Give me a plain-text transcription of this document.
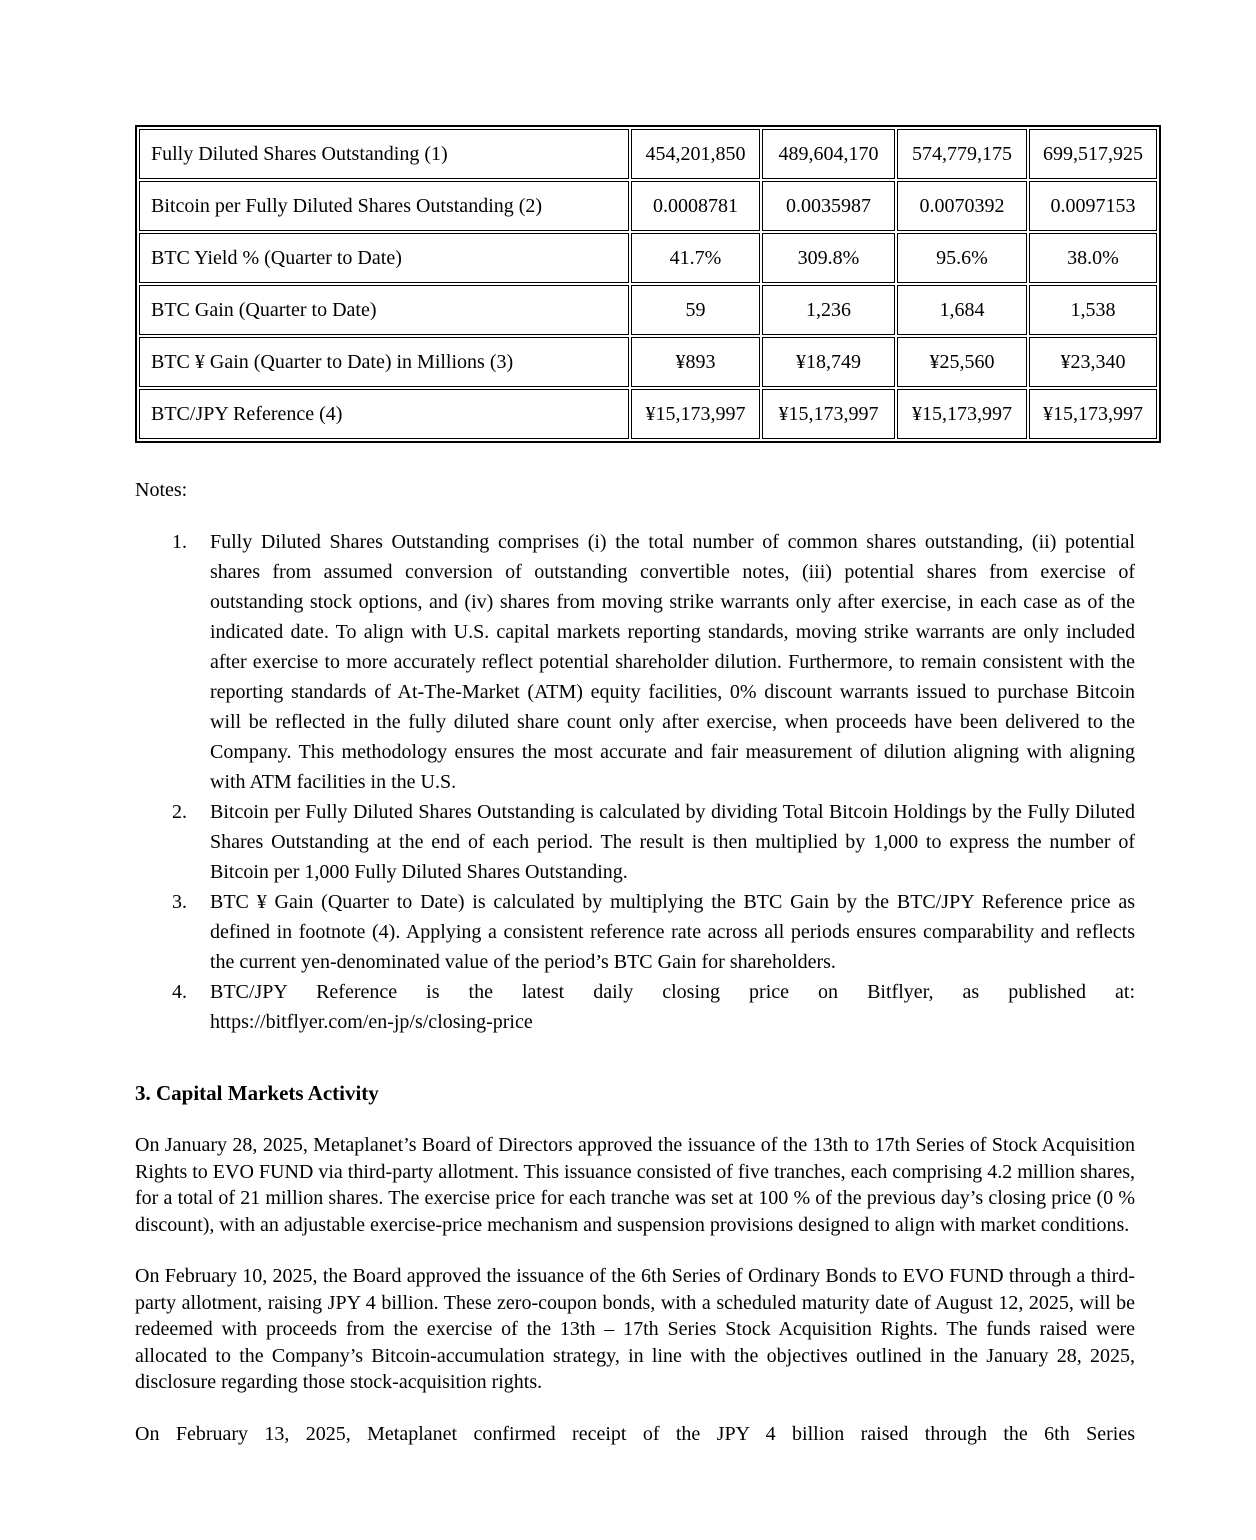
Fully Diluted Shares Outstanding (1)	454,201,850	489,604,170	574,779,175	699,517,925
Bitcoin per Fully Diluted Shares Outstanding (2)	0.0008781	0.0035987	0.0070392	0.0097153
BTC Yield % (Quarter to Date)	41.7%	309.8%	95.6%	38.0%
BTC Gain (Quarter to Date)	59	1,236	1,684	1,538
BTC ¥ Gain (Quarter to Date) in Millions (3)	¥893	¥18,749	¥25,560	¥23,340
BTC/JPY Reference (4)	¥15,173,997	¥15,173,997	¥15,173,997	¥15,173,997
Notes:
1.	Fully Diluted Shares Outstanding comprises (i) the total number of common shares outstanding, (ii) potential shares from assumed conversion of outstanding convertible notes, (iii) potential shares from exercise of outstanding stock options, and (iv) shares from moving strike warrants only after exercise, in each case as of the indicated date. To align with U.S. capital markets reporting standards, moving strike warrants are only included after exercise to more accurately reflect potential shareholder dilution. Furthermore, to remain consistent with the reporting standards of At-The-Market (ATM) equity facilities, 0% discount warrants issued to purchase Bitcoin will be reflected in the fully diluted share count only after exercise, when proceeds have been delivered to the Company. This methodology ensures the most accurate and fair measurement of dilution aligning with aligning with ATM facilities in the U.S.
2.	Bitcoin per Fully Diluted Shares Outstanding is calculated by dividing Total Bitcoin Holdings by the Fully Diluted Shares Outstanding at the end of each period. The result is then multiplied by 1,000 to express the number of Bitcoin per 1,000 Fully Diluted Shares Outstanding.
3.	BTC ¥ Gain (Quarter to Date) is calculated by multiplying the BTC Gain by the BTC/JPY Reference price as defined in footnote (4). Applying a consistent reference rate across all periods ensures comparability and reflects the current yen-denominated value of the period’s BTC Gain for shareholders.
4.	BTC/JPY Reference is the latest daily closing price on Bitflyer, as published at: https://bitflyer.com/en-jp/s/closing-price
3. Capital Markets Activity

On January 28, 2025, Metaplanet’s Board of Directors approved the issuance of the 13th to 17th Series of Stock Acquisition Rights to EVO FUND via third-party allotment. This issuance consisted of five tranches, each comprising 4.2 million shares, for a total of 21 million shares. The exercise price for each tranche was set at 100 % of the previous day’s closing price (0 % discount), with an adjustable exercise-price mechanism and suspension provisions designed to align with market conditions.

On February 10, 2025, the Board approved the issuance of the 6th Series of Ordinary Bonds to EVO FUND through a third-party allotment, raising JPY 4 billion. These zero-coupon bonds, with a scheduled maturity date of August 12, 2025, will be redeemed with proceeds from the exercise of the 13th – 17th Series Stock Acquisition Rights. The funds raised were allocated to the Company’s Bitcoin-accumulation strategy, in line with the objectives outlined in the January 28, 2025, disclosure regarding those stock-acquisition rights.

On February 13, 2025, Metaplanet confirmed receipt of the JPY 4 billion raised through the 6th Series
